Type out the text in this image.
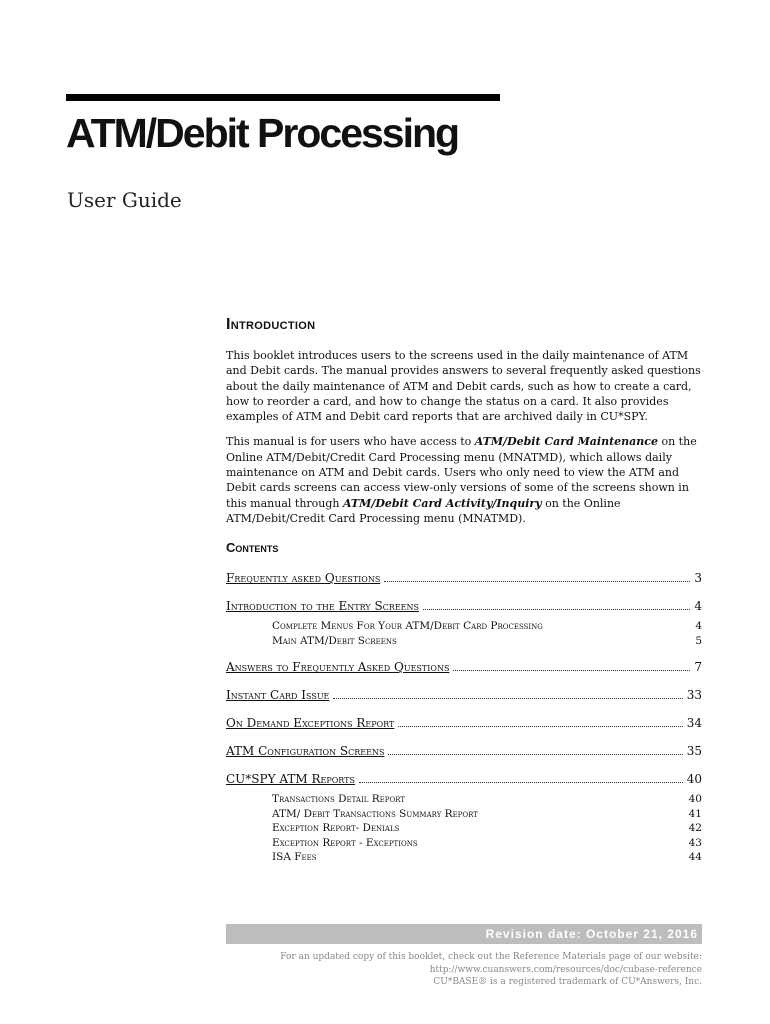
ATM/Debit Processing
User Guide
Introduction

This booklet introduces users to the screens used in the daily maintenance of ATM and Debit cards. The manual provides answers to several frequently asked questions about the daily maintenance of ATM and Debit cards, such as how to create a card, how to reorder a card, and how to change the status on a card. It also provides examples of ATM and Debit card reports that are archived daily in CU*SPY.

This manual is for users who have access to ATM/Debit Card Maintenance on the Online ATM/Debit/Credit Card Processing menu (MNATMD), which allows daily maintenance on ATM and Debit cards. Users who only need to view the ATM and Debit cards screens can access view-only versions of some of the screens shown in this manual through ATM/Debit Card Activity/Inquiry on the Online ATM/Debit/Credit Card Processing menu (MNATMD).

Contents
Frequently asked Questions	3
Introduction to the Entry Screens	4
Complete Menus For Your ATM/Debit Card Processing	4
Main ATM/Debit Screens	5
Answers to Frequently Asked Questions	7
Instant Card Issue	33
On Demand Exceptions Report	34
ATM Configuration Screens	35
CU*SPY ATM Reports	40
Transactions Detail Report	40
ATM/ Debit Transactions Summary Report	41
Exception Report- Denials	42
Exception Report - Exceptions	43
ISA Fees	44
Revision date: October 21, 2016

For an updated copy of this booklet, check out the Reference Materials page of our website:

http://www.cuanswers.com/resources/doc/cubase-reference

CU*BASE® is a registered trademark of CU*Answers, Inc.
